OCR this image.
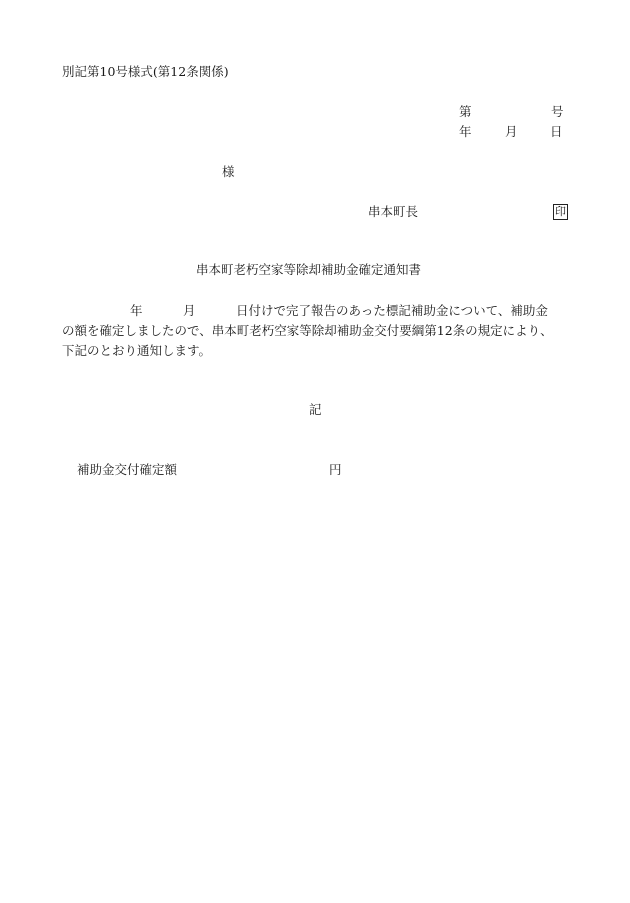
別記第10号様式(第12条関係)
第	号
年	月	日
様
串本町長	印
串本町老朽空家等除却補助金確定通知書
年	月	日付けで完了報告のあった標記補助金について、補助金
の額を確定しましたので、串本町老朽空家等除却補助金交付要綱第12条の規定により、
下記のとおり通知します。
記
補助金交付確定額	円
